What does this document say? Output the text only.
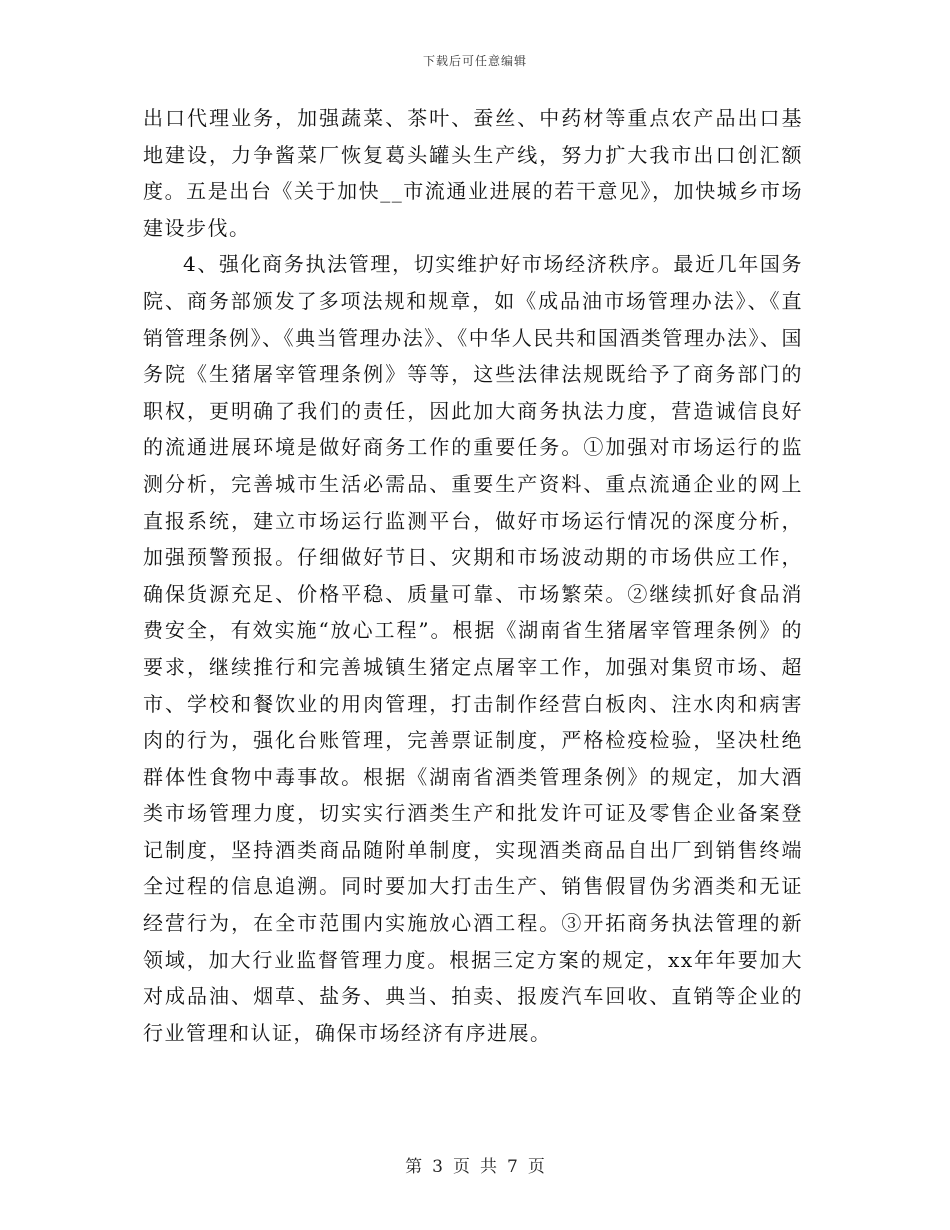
下载后可任意编辑

出口代理业务，加强蔬菜、茶叶、蚕丝、中药材等重点农产品出口基地建设，力争酱菜厂恢复葛头罐头生产线，努力扩大我市出口创汇额度。五是出台《关于加快__市流通业进展的若干意见》，加快城乡市场建设步伐。

4、强化商务执法管理，切实维护好市场经济秩序。最近几年国务院、商务部颁发了多项法规和规章，如《成品油市场管理办法》、《直销管理条例》、《典当管理办法》、《中华人民共和国酒类管理办法》、国务院《生猪屠宰管理条例》等等，这些法律法规既给予了商务部门的职权，更明确了我们的责任，因此加大商务执法力度，营造诚信良好的流通进展环境是做好商务工作的重要任务。①加强对市场运行的监测分析，完善城市生活必需品、重要生产资料、重点流通企业的网上直报系统，建立市场运行监测平台，做好市场运行情况的深度分析，加强预警预报。仔细做好节日、灾期和市场波动期的市场供应工作，确保货源充足、价格平稳、质量可靠、市场繁荣。②继续抓好食品消费安全，有效实施“放心工程”。根据《湖南省生猪屠宰管理条例》的要求，继续推行和完善城镇生猪定点屠宰工作，加强对集贸市场、超市、学校和餐饮业的用肉管理，打击制作经营白板肉、注水肉和病害肉的行为，强化台账管理，完善票证制度，严格检疫检验，坚决杜绝群体性食物中毒事故。根据《湖南省酒类管理条例》的规定，加大酒类市场管理力度，切实实行酒类生产和批发许可证及零售企业备案登记制度，坚持酒类商品随附单制度，实现酒类商品自出厂到销售终端全过程的信息追溯。同时要加大打击生产、销售假冒伪劣酒类和无证经营行为，在全市范围内实施放心酒工程。③开拓商务执法管理的新领域，加大行业监督管理力度。根据三定方案的规定，xx年年要加大对成品油、烟草、盐务、典当、拍卖、报废汽车回收、直销等企业的行业管理和认证，确保市场经济有序进展。

第 3 页 共 7 页
